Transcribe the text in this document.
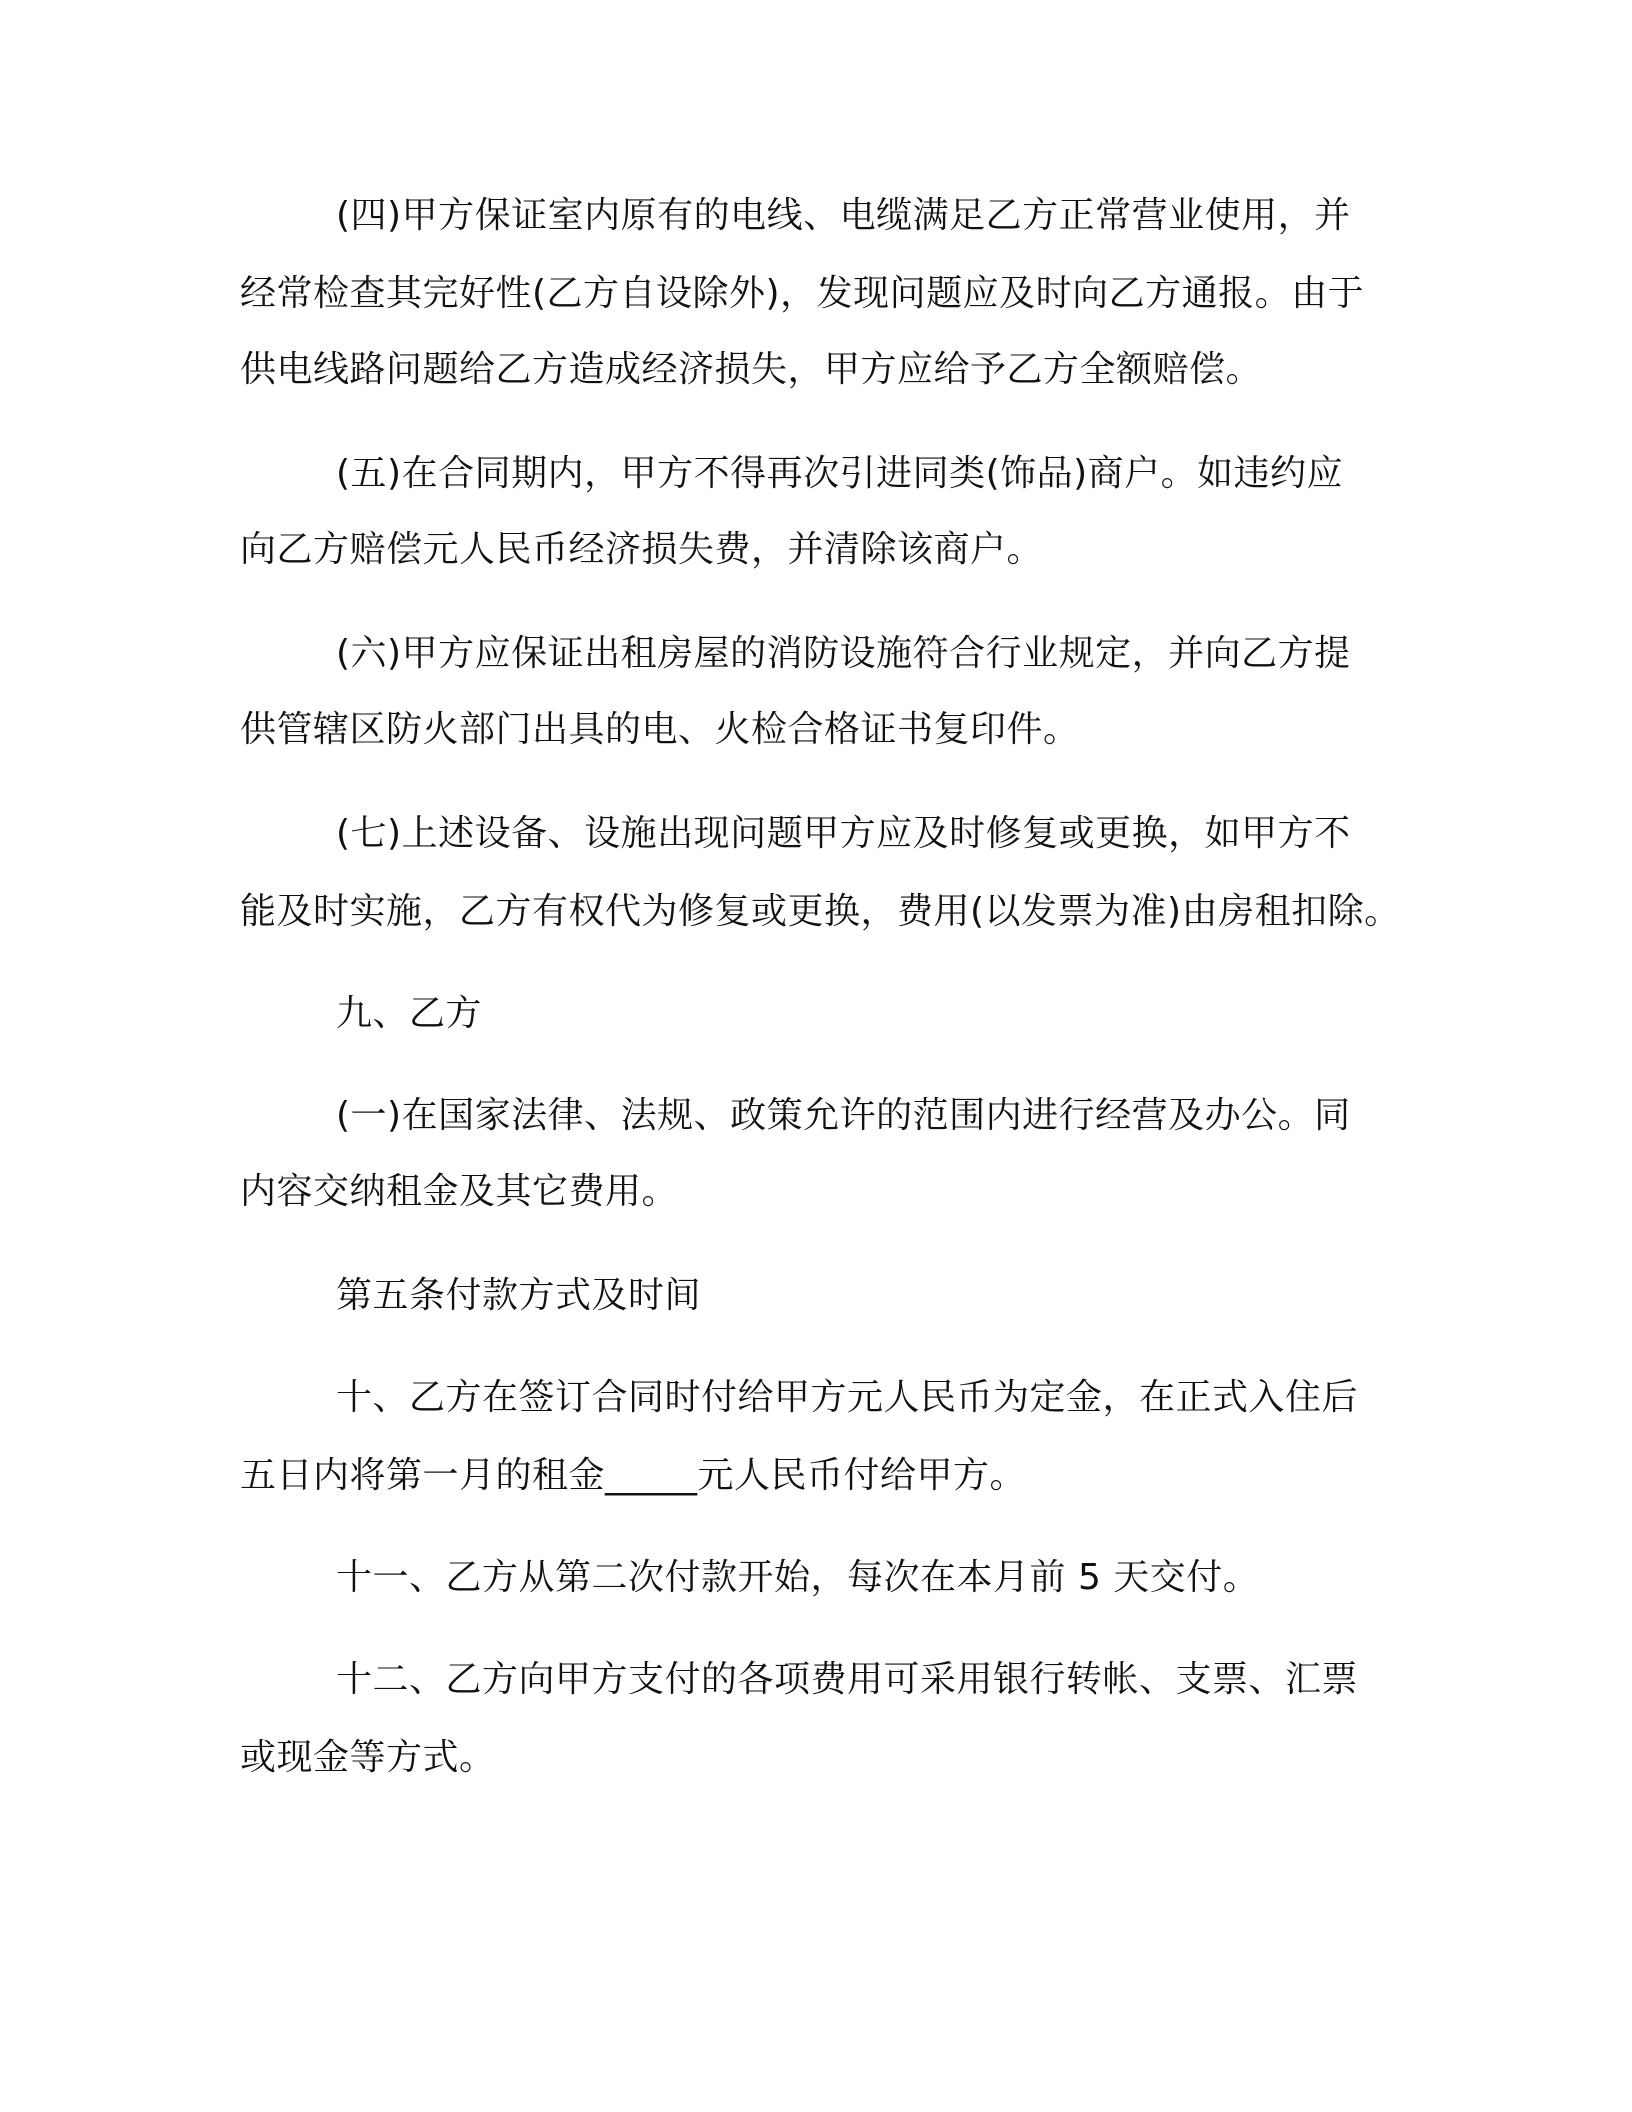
(四)甲方保证室内原有的电线、电缆满足乙方正常营业使用，并

经常检查其完好性(乙方自设除外)，发现问题应及时向乙方通报。由于

供电线路问题给乙方造成经济损失，甲方应给予乙方全额赔偿。

(五)在合同期内，甲方不得再次引进同类(饰品)商户。如违约应

向乙方赔偿元人民币经济损失费，并清除该商户。

(六)甲方应保证出租房屋的消防设施符合行业规定，并向乙方提

供管辖区防火部门出具的电、火检合格证书复印件。

(七)上述设备、设施出现问题甲方应及时修复或更换，如甲方不

能及时实施，乙方有权代为修复或更换，费用(以发票为准)由房租扣除。

九、乙方

(一)在国家法律、法规、政策允许的范围内进行经营及办公。同

内容交纳租金及其它费用。

第五条付款方式及时间

十、乙方在签订合同时付给甲方元人民币为定金，在正式入住后

五日内将第一月的租金_____元人民币付给甲方。

十一、乙方从第二次付款开始，每次在本月前 5 天交付。

十二、乙方向甲方支付的各项费用可采用银行转帐、支票、汇票

或现金等方式。
